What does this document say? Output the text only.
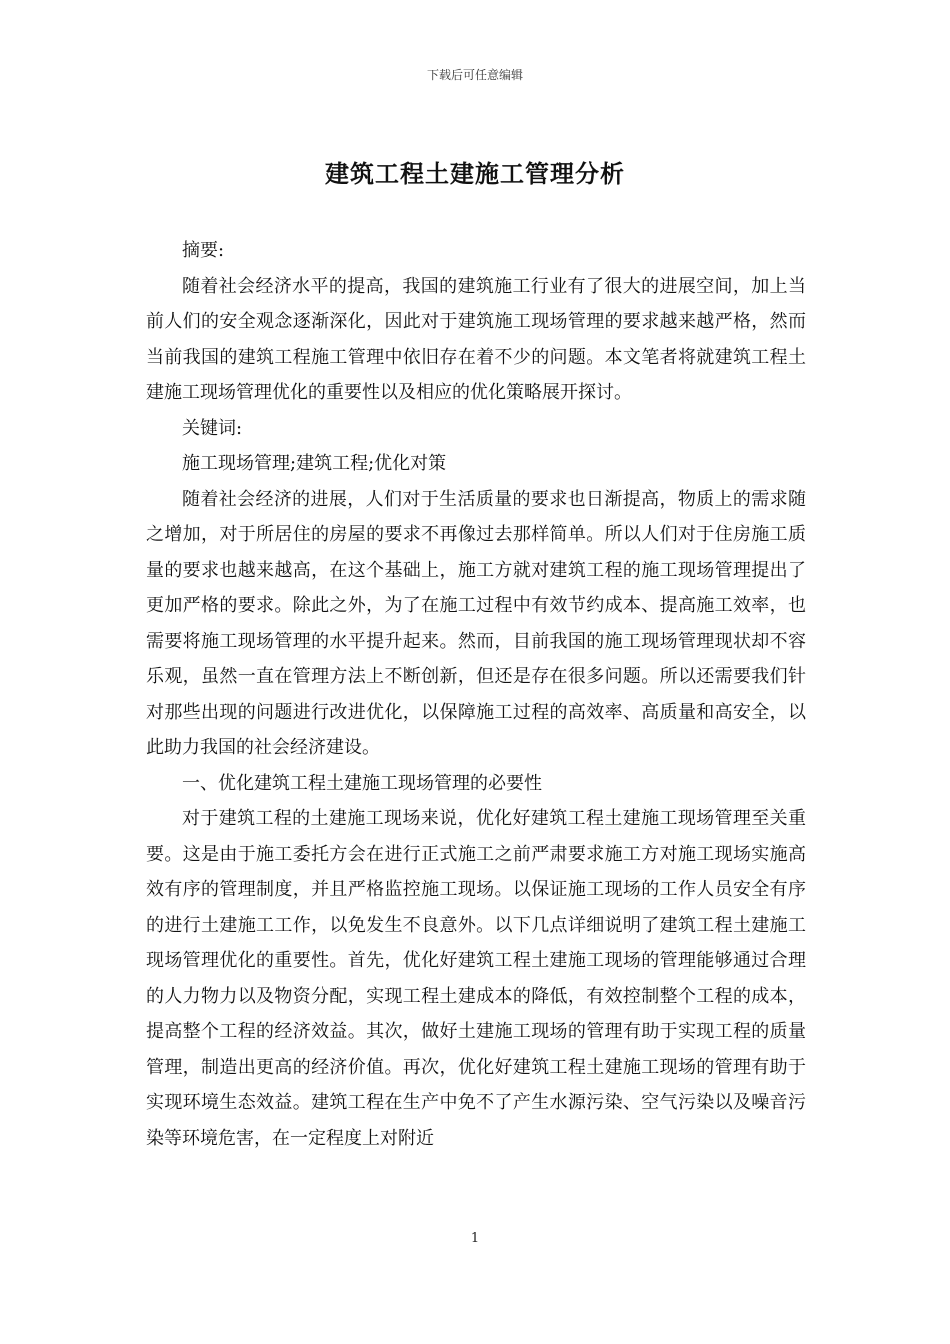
下载后可任意编辑
建筑工程土建施工管理分析

摘要:

随着社会经济水平的提高，我国的建筑施工行业有了很大的进展空间，加上当前人们的安全观念逐渐深化，因此对于建筑施工现场管理的要求越来越严格，然而当前我国的建筑工程施工管理中依旧存在着不少的问题。本文笔者将就建筑工程土建施工现场管理优化的重要性以及相应的优化策略展开探讨。

关键词:

施工现场管理;建筑工程;优化对策

随着社会经济的进展，人们对于生活质量的要求也日渐提高，物质上的需求随之增加，对于所居住的房屋的要求不再像过去那样简单。所以人们对于住房施工质量的要求也越来越高，在这个基础上，施工方就对建筑工程的施工现场管理提出了更加严格的要求。除此之外，为了在施工过程中有效节约成本、提高施工效率，也需要将施工现场管理的水平提升起来。然而，目前我国的施工现场管理现状却不容乐观，虽然一直在管理方法上不断创新，但还是存在很多问题。所以还需要我们针对那些出现的问题进行改进优化，以保障施工过程的高效率、高质量和高安全，以此助力我国的社会经济建设。

一、优化建筑工程土建施工现场管理的必要性

对于建筑工程的土建施工现场来说，优化好建筑工程土建施工现场管理至关重要。这是由于施工委托方会在进行正式施工之前严肃要求施工方对施工现场实施高效有序的管理制度，并且严格监控施工现场。以保证施工现场的工作人员安全有序的进行土建施工工作，以免发生不良意外。以下几点详细说明了建筑工程土建施工现场管理优化的重要性。首先，优化好建筑工程土建施工现场的管理能够通过合理的人力物力以及物资分配，实现工程土建成本的降低，有效控制整个工程的成本，提高整个工程的经济效益。其次，做好土建施工现场的管理有助于实现工程的质量管理，制造出更高的经济价值。再次，优化好建筑工程土建施工现场的管理有助于实现环境生态效益。建筑工程在生产中免不了产生水源污染、空气污染以及噪音污染等环境危害，在一定程度上对附近

1
